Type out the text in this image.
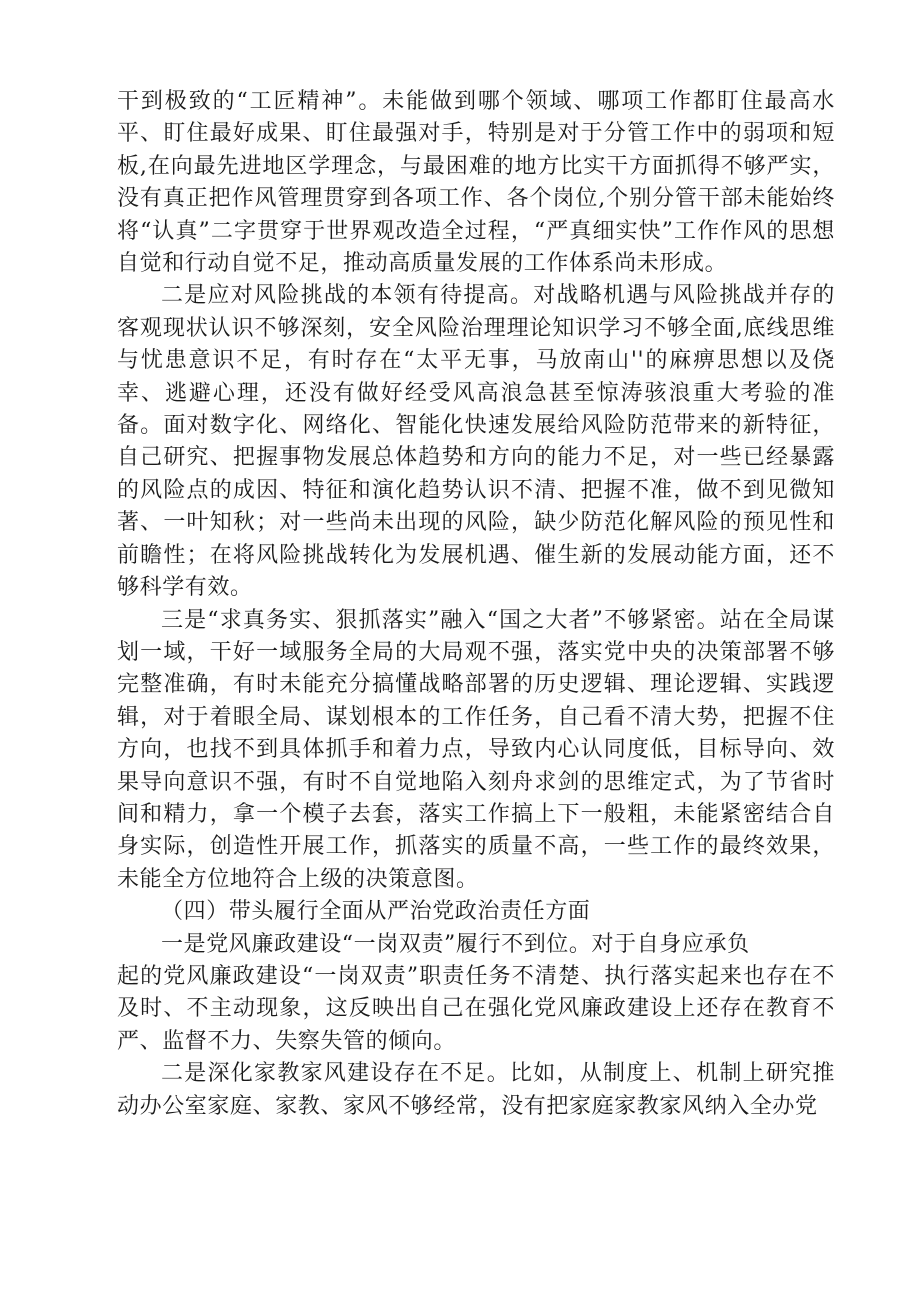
干到极致的“工匠精神”。未能做到哪个领域、哪项工作都盯住最高水平、盯住最好成果、盯住最强对手，特别是对于分管工作中的弱项和短板,在向最先进地区学理念，与最困难的地方比实干方面抓得不够严实，没有真正把作风管理贯穿到各项工作、各个岗位,个别分管干部未能始终将“认真”二字贯穿于世界观改造全过程，“严真细实快”工作作风的思想自觉和行动自觉不足，推动高质量发展的工作体系尚未形成。

二是应对风险挑战的本领有待提高。对战略机遇与风险挑战并存的客观现状认识不够深刻，安全风险治理理论知识学习不够全面,底线思维与忧患意识不足，有时存在“太平无事，马放南山''的麻痹思想以及侥幸、逃避心理，还没有做好经受风高浪急甚至惊涛骇浪重大考验的准备。面对数字化、网络化、智能化快速发展给风险防范带来的新特征，自己研究、把握事物发展总体趋势和方向的能力不足，对一些已经暴露的风险点的成因、特征和演化趋势认识不清、把握不准，做不到见微知著、一叶知秋；对一些尚未出现的风险，缺少防范化解风险的预见性和前瞻性；在将风险挑战转化为发展机遇、催生新的发展动能方面，还不够科学有效。

三是“求真务实、狠抓落实”融入“国之大者”不够紧密。站在全局谋划一域，干好一域服务全局的大局观不强，落实党中央的决策部署不够完整准确，有时未能充分搞懂战略部署的历史逻辑、理论逻辑、实践逻辑，对于着眼全局、谋划根本的工作任务，自己看不清大势，把握不住方向，也找不到具体抓手和着力点，导致内心认同度低，目标导向、效果导向意识不强，有时不自觉地陷入刻舟求剑的思维定式，为了节省时间和精力，拿一个模子去套，落实工作搞上下一般粗，未能紧密结合自身实际，创造性开展工作，抓落实的质量不高，一些工作的最终效果，未能全方位地符合上级的决策意图。

（四）带头履行全面从严治党政治责任方面

一是党风廉政建设“一岗双责”履行不到位。对于自身应承负

起的党风廉政建设“一岗双责”职责任务不清楚、执行落实起来也存在不及时、不主动现象，这反映出自己在强化党风廉政建设上还存在教育不严、监督不力、失察失管的倾向。

二是深化家教家风建设存在不足。比如，从制度上、机制上研究推动办公室家庭、家教、家风不够经常，没有把家庭家教家风纳入全办党
